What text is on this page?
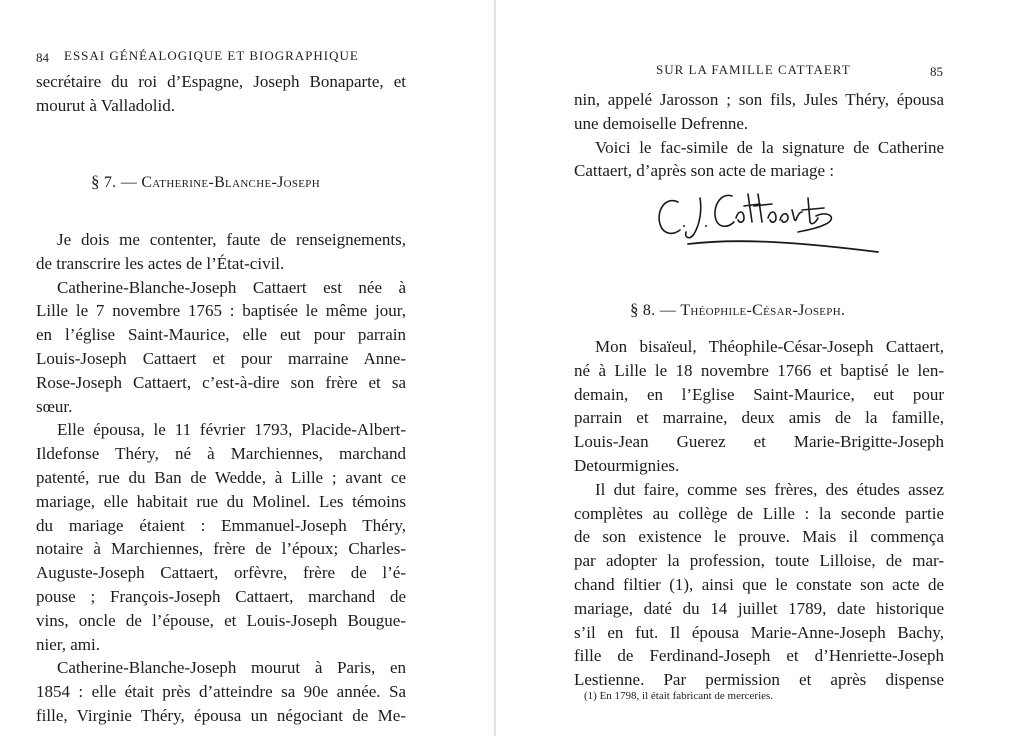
84 ESSAI GÉNÉALOGIQUE ET BIOGRAPHIQUE
secrétaire du roi d’Espagne, Joseph Bonaparte, et
mourut à Valladolid.
§ 7. — Catherine-Blanche-Joseph

Je dois me contenter, faute de renseignements,
de transcrire les actes de l’État-civil.

Catherine-Blanche-Joseph Cattaert est née à
Lille le 7 novembre 1765 : baptisée le même jour,
en l’église Saint-Maurice, elle eut pour parrain
Louis-Joseph Cattaert et pour marraine Anne-
Rose-Joseph Cattaert, c’est-à-dire son frère et sa
sœur.

Elle épousa, le 11 février 1793, Placide-Albert-
Ildefonse Théry, né à Marchiennes, marchand
patenté, rue du Ban de Wedde, à Lille ; avant ce
mariage, elle habitait rue du Molinel. Les témoins
du mariage étaient : Emmanuel-Joseph Théry,
notaire à Marchiennes, frère de l’époux; Charles-
Auguste-Joseph Cattaert, orfèvre, frère de l’é-
pouse ; François-Joseph Cattaert, marchand de
vins, oncle de l’épouse, et Louis-Joseph Bougue-
nier, ami.

Catherine-Blanche-Joseph mourut à Paris, en
1854 : elle était près d’atteindre sa 90e année. Sa
fille, Virginie Théry, épousa un négociant de Me-

SUR LA FAMILLE CATTAERT	85
nin, appelé Jarosson ; son fils, Jules Théry, épousa
une demoiselle Defrenne.

Voici le fac-simile de la signature de Catherine
Cattaert, d’après son acte de mariage :

§ 8. — Théophile-César-Joseph.

Mon bisaïeul, Théophile-César-Joseph Cattaert,
né à Lille le 18 novembre 1766 et baptisé le len-
demain, en l’Eglise Saint-Maurice, eut pour
parrain et marraine, deux amis de la famille,
Louis-Jean Guerez et Marie-Brigitte-Joseph
Detourmignies.

Il dut faire, comme ses frères, des études assez
complètes au collège de Lille : la seconde partie
de son existence le prouve. Mais il commença
par adopter la profession, toute Lilloise, de mar-
chand filtier (1), ainsi que le constate son acte de
mariage, daté du 14 juillet 1789, date historique
s’il en fut. Il épousa Marie-Anne-Joseph Bachy,
fille de Ferdinand-Joseph et d’Henriette-Joseph
Lestienne. Par permission et après dispense

(1) En 1798, il était fabricant de merceries.
